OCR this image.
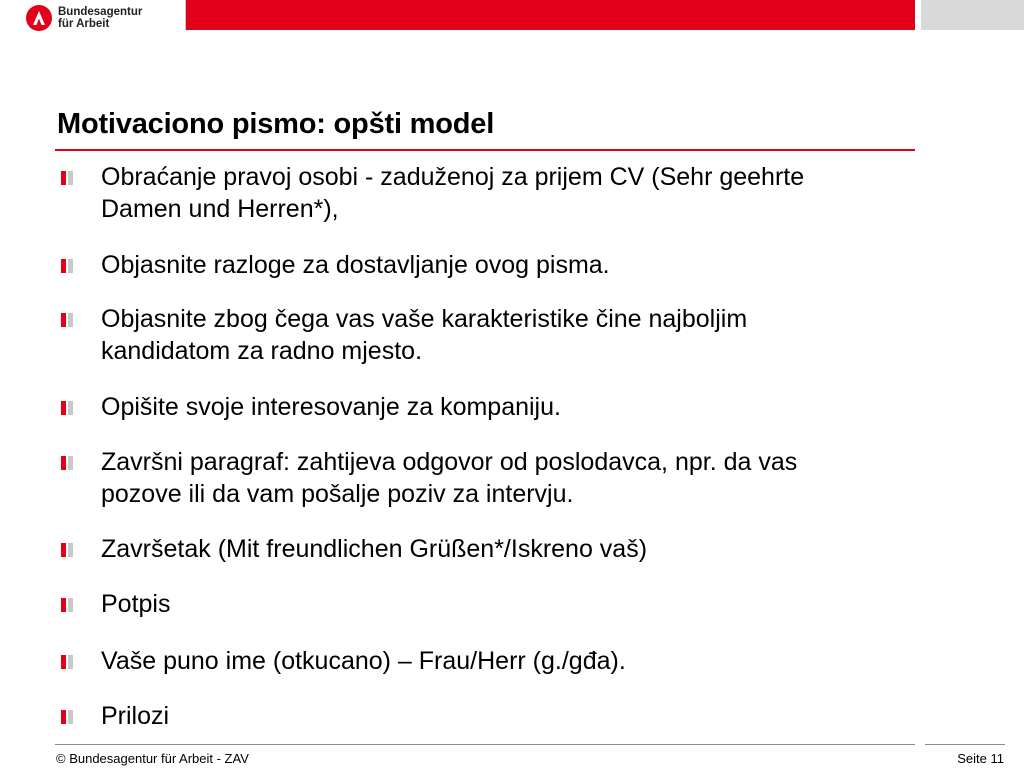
Bundesagentur
für Arbeit
Motivaciono pismo: opšti model
Obraćanje pravoj osobi - zaduženoj za prijem CV (Sehr geehrte
Damen und Herren*),
Objasnite razloge za dostavljanje ovog pisma.
Objasnite zbog čega vas vaše karakteristike čine najboljim
kandidatom za radno mjesto.
Opišite svoje interesovanje za kompaniju.
Završni paragraf: zahtijeva odgovor od poslodavca, npr. da vas
pozove ili da vam pošalje poziv za intervju.
Završetak (Mit freundlichen Grüßen*/Iskreno vaš)
Potpis
Vaše puno ime (otkucano) – Frau/Herr (g./gđa).
Prilozi
© Bundesagentur für Arbeit - ZAV	Seite 11
